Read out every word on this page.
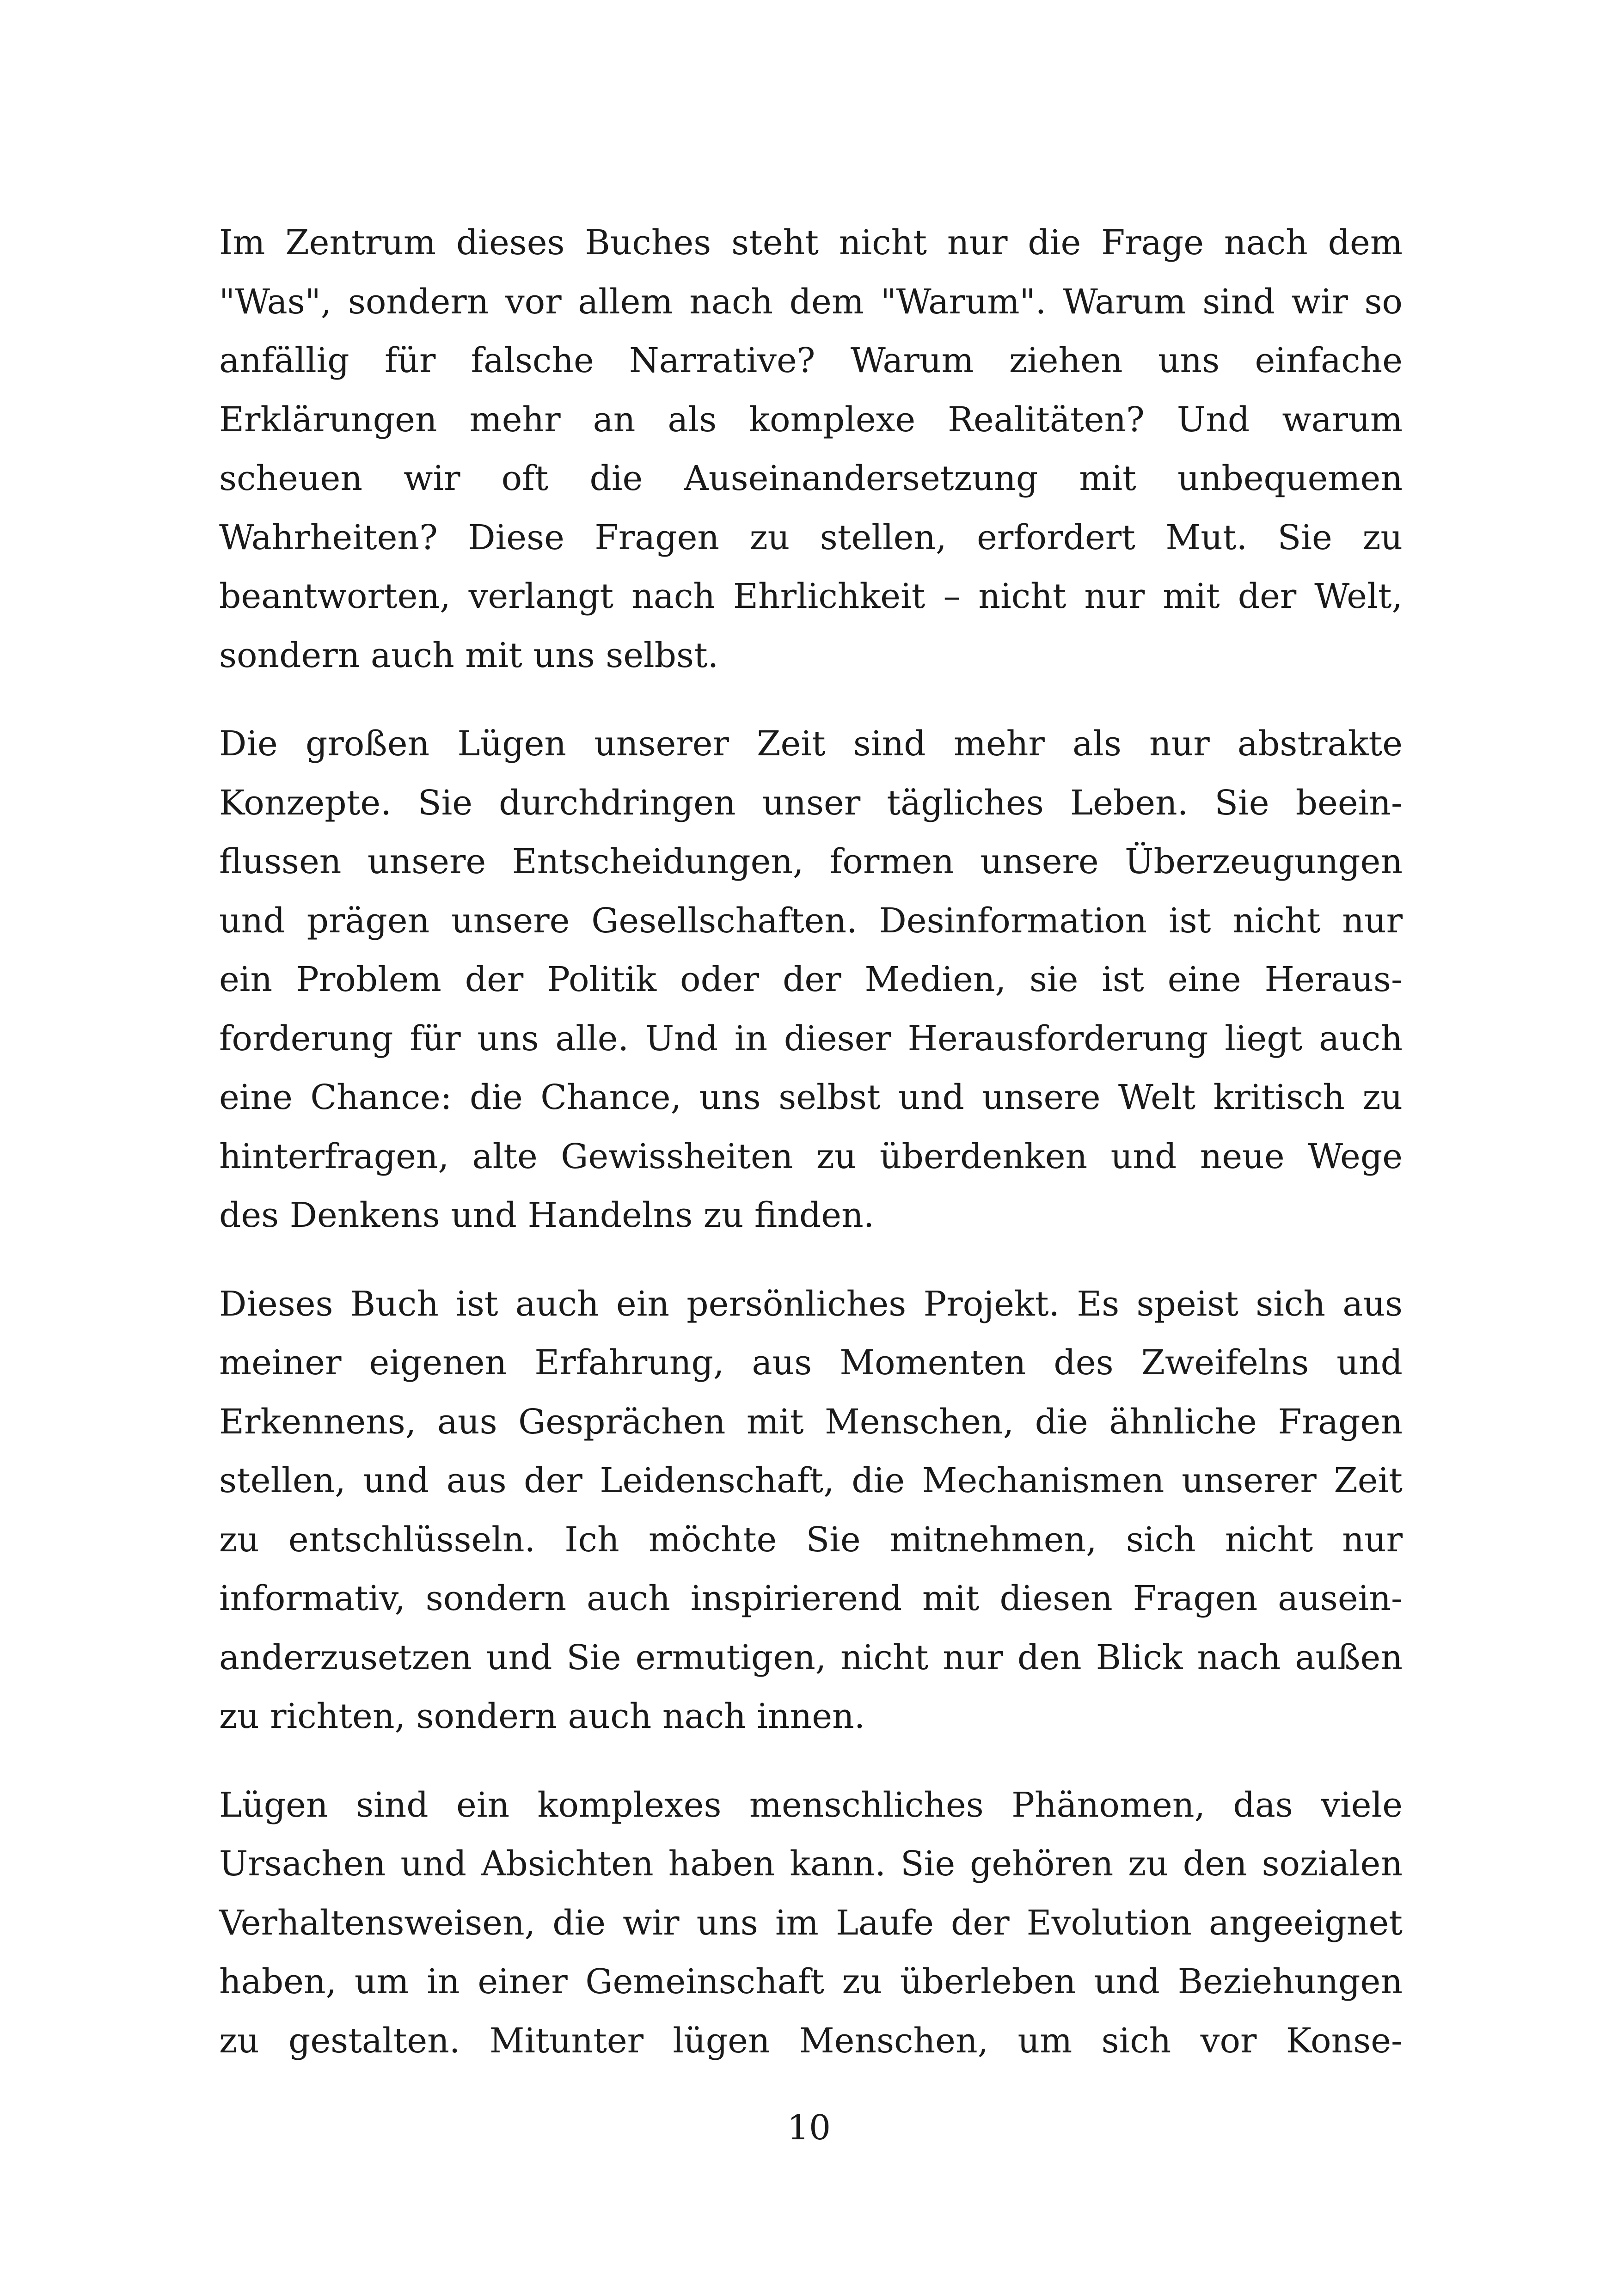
Im Zentrum dieses Buches steht nicht nur die Frage nach dem
"Was", sondern vor allem nach dem "Warum". Warum sind wir so
anfällig für falsche Narrative? Warum ziehen uns einfache
Erklärungen mehr an als komplexe Realitäten? Und warum
scheuen wir oft die Auseinandersetzung mit unbequemen
Wahrheiten? Diese Fragen zu stellen, erfordert Mut. Sie zu
beantworten, verlangt nach Ehrlichkeit – nicht nur mit der Welt,
sondern auch mit uns selbst.

Die großen Lügen unserer Zeit sind mehr als nur abstrakte
Konzepte. Sie durchdringen unser tägliches Leben. Sie beein-
flussen unsere Entscheidungen, formen unsere Überzeugungen
und prägen unsere Gesellschaften. Desinformation ist nicht nur
ein Problem der Politik oder der Medien, sie ist eine Heraus-
forderung für uns alle. Und in dieser Herausforderung liegt auch
eine Chance: die Chance, uns selbst und unsere Welt kritisch zu
hinterfragen, alte Gewissheiten zu überdenken und neue Wege
des Denkens und Handelns zu finden.

Dieses Buch ist auch ein persönliches Projekt. Es speist sich aus
meiner eigenen Erfahrung, aus Momenten des Zweifelns und
Erkennens, aus Gesprächen mit Menschen, die ähnliche Fragen
stellen, und aus der Leidenschaft, die Mechanismen unserer Zeit
zu entschlüsseln. Ich möchte Sie mitnehmen, sich nicht nur
informativ, sondern auch inspirierend mit diesen Fragen ausein-
anderzusetzen und Sie ermutigen, nicht nur den Blick nach außen
zu richten, sondern auch nach innen.

Lügen sind ein komplexes menschliches Phänomen, das viele
Ursachen und Absichten haben kann. Sie gehören zu den sozialen
Verhaltensweisen, die wir uns im Laufe der Evolution angeeignet
haben, um in einer Gemeinschaft zu überleben und Beziehungen
zu gestalten. Mitunter lügen Menschen, um sich vor Konse-

10
